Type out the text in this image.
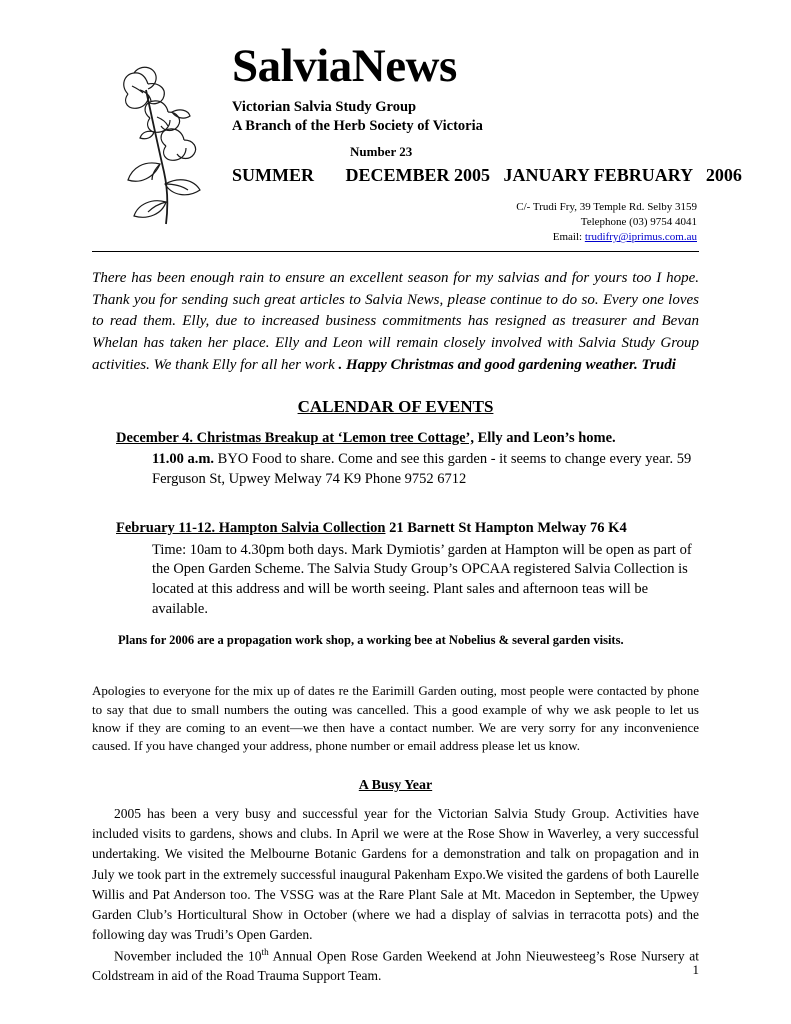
SalviaNews
Victorian Salvia Study Group
A Branch of the Herb Society of Victoria
Number 23
SUMMER DECEMBER 2005   JANUARY FEBRUARY   2006
C/- Trudi Fry, 39 Temple Rd. Selby 3159
Telephone (03) 9754 4041
Email: trudifry@iprimus.com.au

There has been enough rain to ensure an excellent season for my salvias and for yours too I hope. Thank you for sending such great articles to Salvia News, please continue to do so. Every one loves to read them. Elly, due to increased business commitments has resigned as treasurer and Bevan Whelan has taken her place. Elly and Leon will remain closely involved with Salvia Study Group activities. We thank Elly for all her work . Happy Christmas and good gardening weather. Trudi

CALENDAR OF EVENTS
December 4. Christmas Breakup at ‘Lemon tree Cottage’, Elly and Leon’s home.
11.00 a.m. BYO Food to share. Come and see this garden - it seems to change every year. 59 Ferguson St, Upwey Melway 74 K9 Phone 9752 6712
February 11-12. Hampton Salvia Collection 21 Barnett St Hampton Melway 76 K4
Time: 10am to 4.30pm both days. Mark Dymiotis’ garden at Hampton will be open as part of the Open Garden Scheme. The Salvia Study Group’s OPCAA registered Salvia Collection is located at this address and will be worth seeing. Plant sales and afternoon teas will be available.
Plans for 2006 are a propagation work shop, a working bee at Nobelius & several garden visits.

Apologies to everyone for the mix up of dates re the Earimill Garden outing, most people were contacted by phone to say that due to small numbers the outing was cancelled. This a good example of why we ask people to let us know if they are coming to an event—we then have a contact number. We are very sorry for any inconvenience caused. If you have changed your address, phone number or email address please let us know.

A Busy Year

2005 has been a very busy and successful year for the Victorian Salvia Study Group. Activities have included visits to gardens, shows and clubs. In April we were at the Rose Show in Waverley, a very successful undertaking. We visited the Melbourne Botanic Gardens for a demonstration and talk on propagation and in July we took part in the extremely successful inaugural Pakenham Expo.We visited the gardens of both Laurelle Willis and Pat Anderson too. The VSSG was at the Rare Plant Sale at Mt. Macedon in September, the Upwey Garden Club’s Horticultural Show in October (where we had a display of salvias in terracotta pots) and the following day was Trudi’s Open Garden.

November included the 10th Annual Open Rose Garden Weekend at John Nieuwesteeg’s Rose Nursery at Coldstream in aid of the Road Trauma Support Team.	1
